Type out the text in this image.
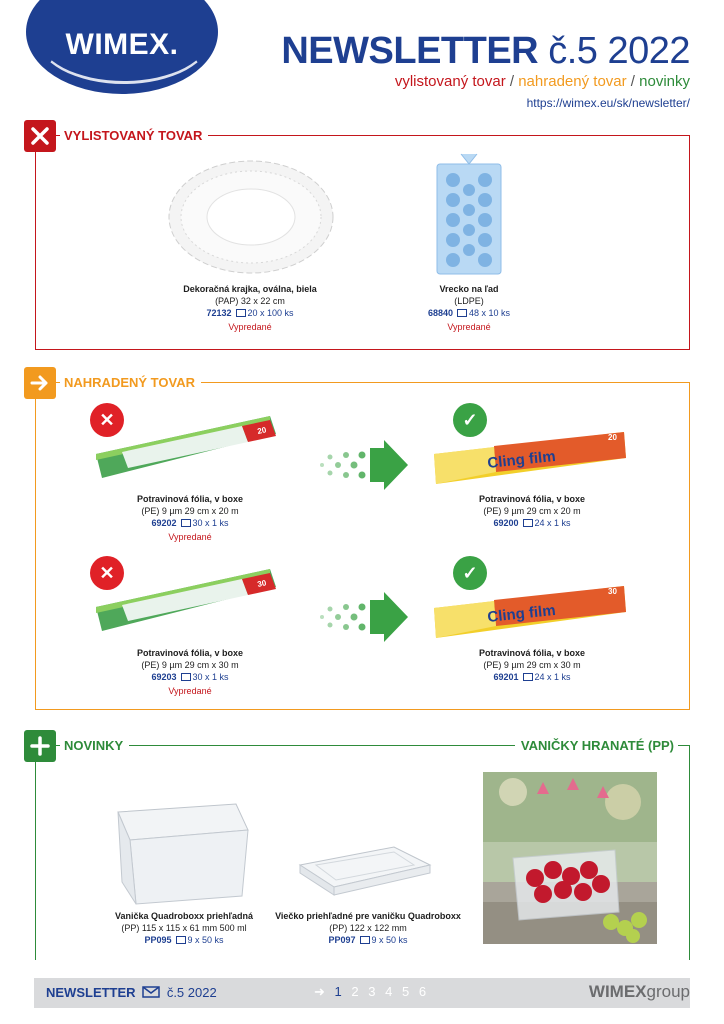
WIMEX.	NEWSLETTER č.5 2022
vylistovaný tovar / nahradený tovar / novinky
https://wimex.eu/sk/newsletter/
VYLISTOVANÝ TOVAR
Dekoračná krajka, oválna, biela
(PAP) 32 x 22 cm
72132 20 x 100 ks
Vypredané
Vrecko na ľad
(LDPE)
68840 48 x 10 ks
Vypredané
NAHRADENÝ TOVAR
✕
20
Potravinová fólia, v boxe
(PE) 9 µm 29 cm x 20 m
69202 30 x 1 ks
Vypredané
✓
Cling film
20
Potravinová fólia, v boxe
(PE) 9 µm 29 cm x 20 m
69200 24 x 1 ks
✕
30
Potravinová fólia, v boxe
(PE) 9 µm 29 cm x 30 m
69203 30 x 1 ks
Vypredané
✓
Cling film
30
Potravinová fólia, v boxe
(PE) 9 µm 29 cm x 30 m
69201 24 x 1 ks
NOVINKY	VANIČKY HRANATÉ (PP)
Vanička Quadroboxx priehľadná
(PP) 115 x 115 x 61 mm 500 ml
PP095 9 x 50 ks
Viečko priehľadné pre vaničku Quadroboxx
(PP) 122 x 122 mm
PP097 9 x 50 ks
NEWSLETTER č.5 2022	➜ 1 2 3 4 5 6	WIMEXgroup
